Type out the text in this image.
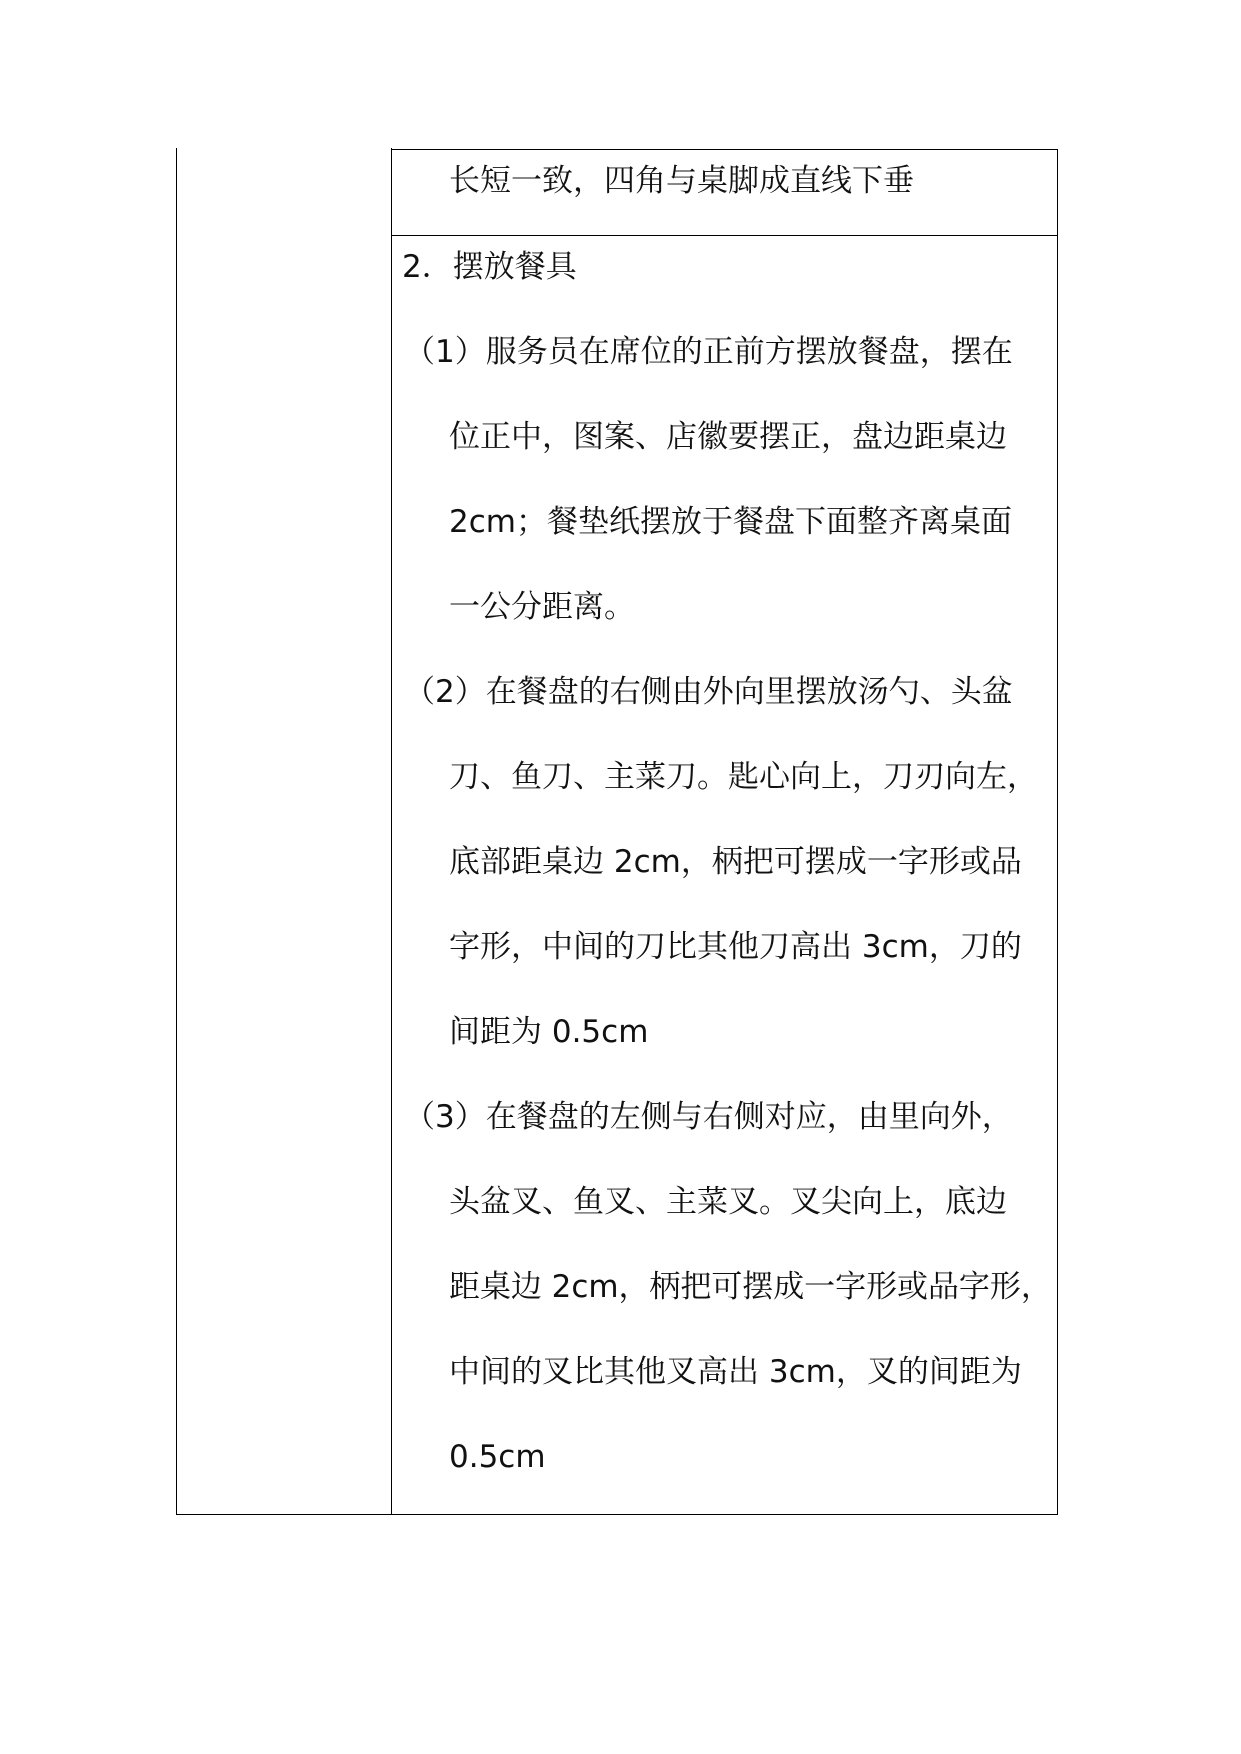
长短一致，四角与桌脚成直线下垂
2．摆放餐具
（1）服务员在席位的正前方摆放餐盘，摆在
位正中，图案、店徽要摆正，盘边距桌边
2cm；餐垫纸摆放于餐盘下面整齐离桌面
一公分距离。
（2）在餐盘的右侧由外向里摆放汤勺、头盆
刀、鱼刀、主菜刀。匙心向上，刀刃向左，
底部距桌边 2cm，柄把可摆成一字形或品
字形，中间的刀比其他刀高出 3cm，刀的
间距为 0.5cm
（3）在餐盘的左侧与右侧对应，由里向外，
头盆叉、鱼叉、主菜叉。叉尖向上，底边
距桌边 2cm，柄把可摆成一字形或品字形，
中间的叉比其他叉高出 3cm，叉的间距为
0.5cm
